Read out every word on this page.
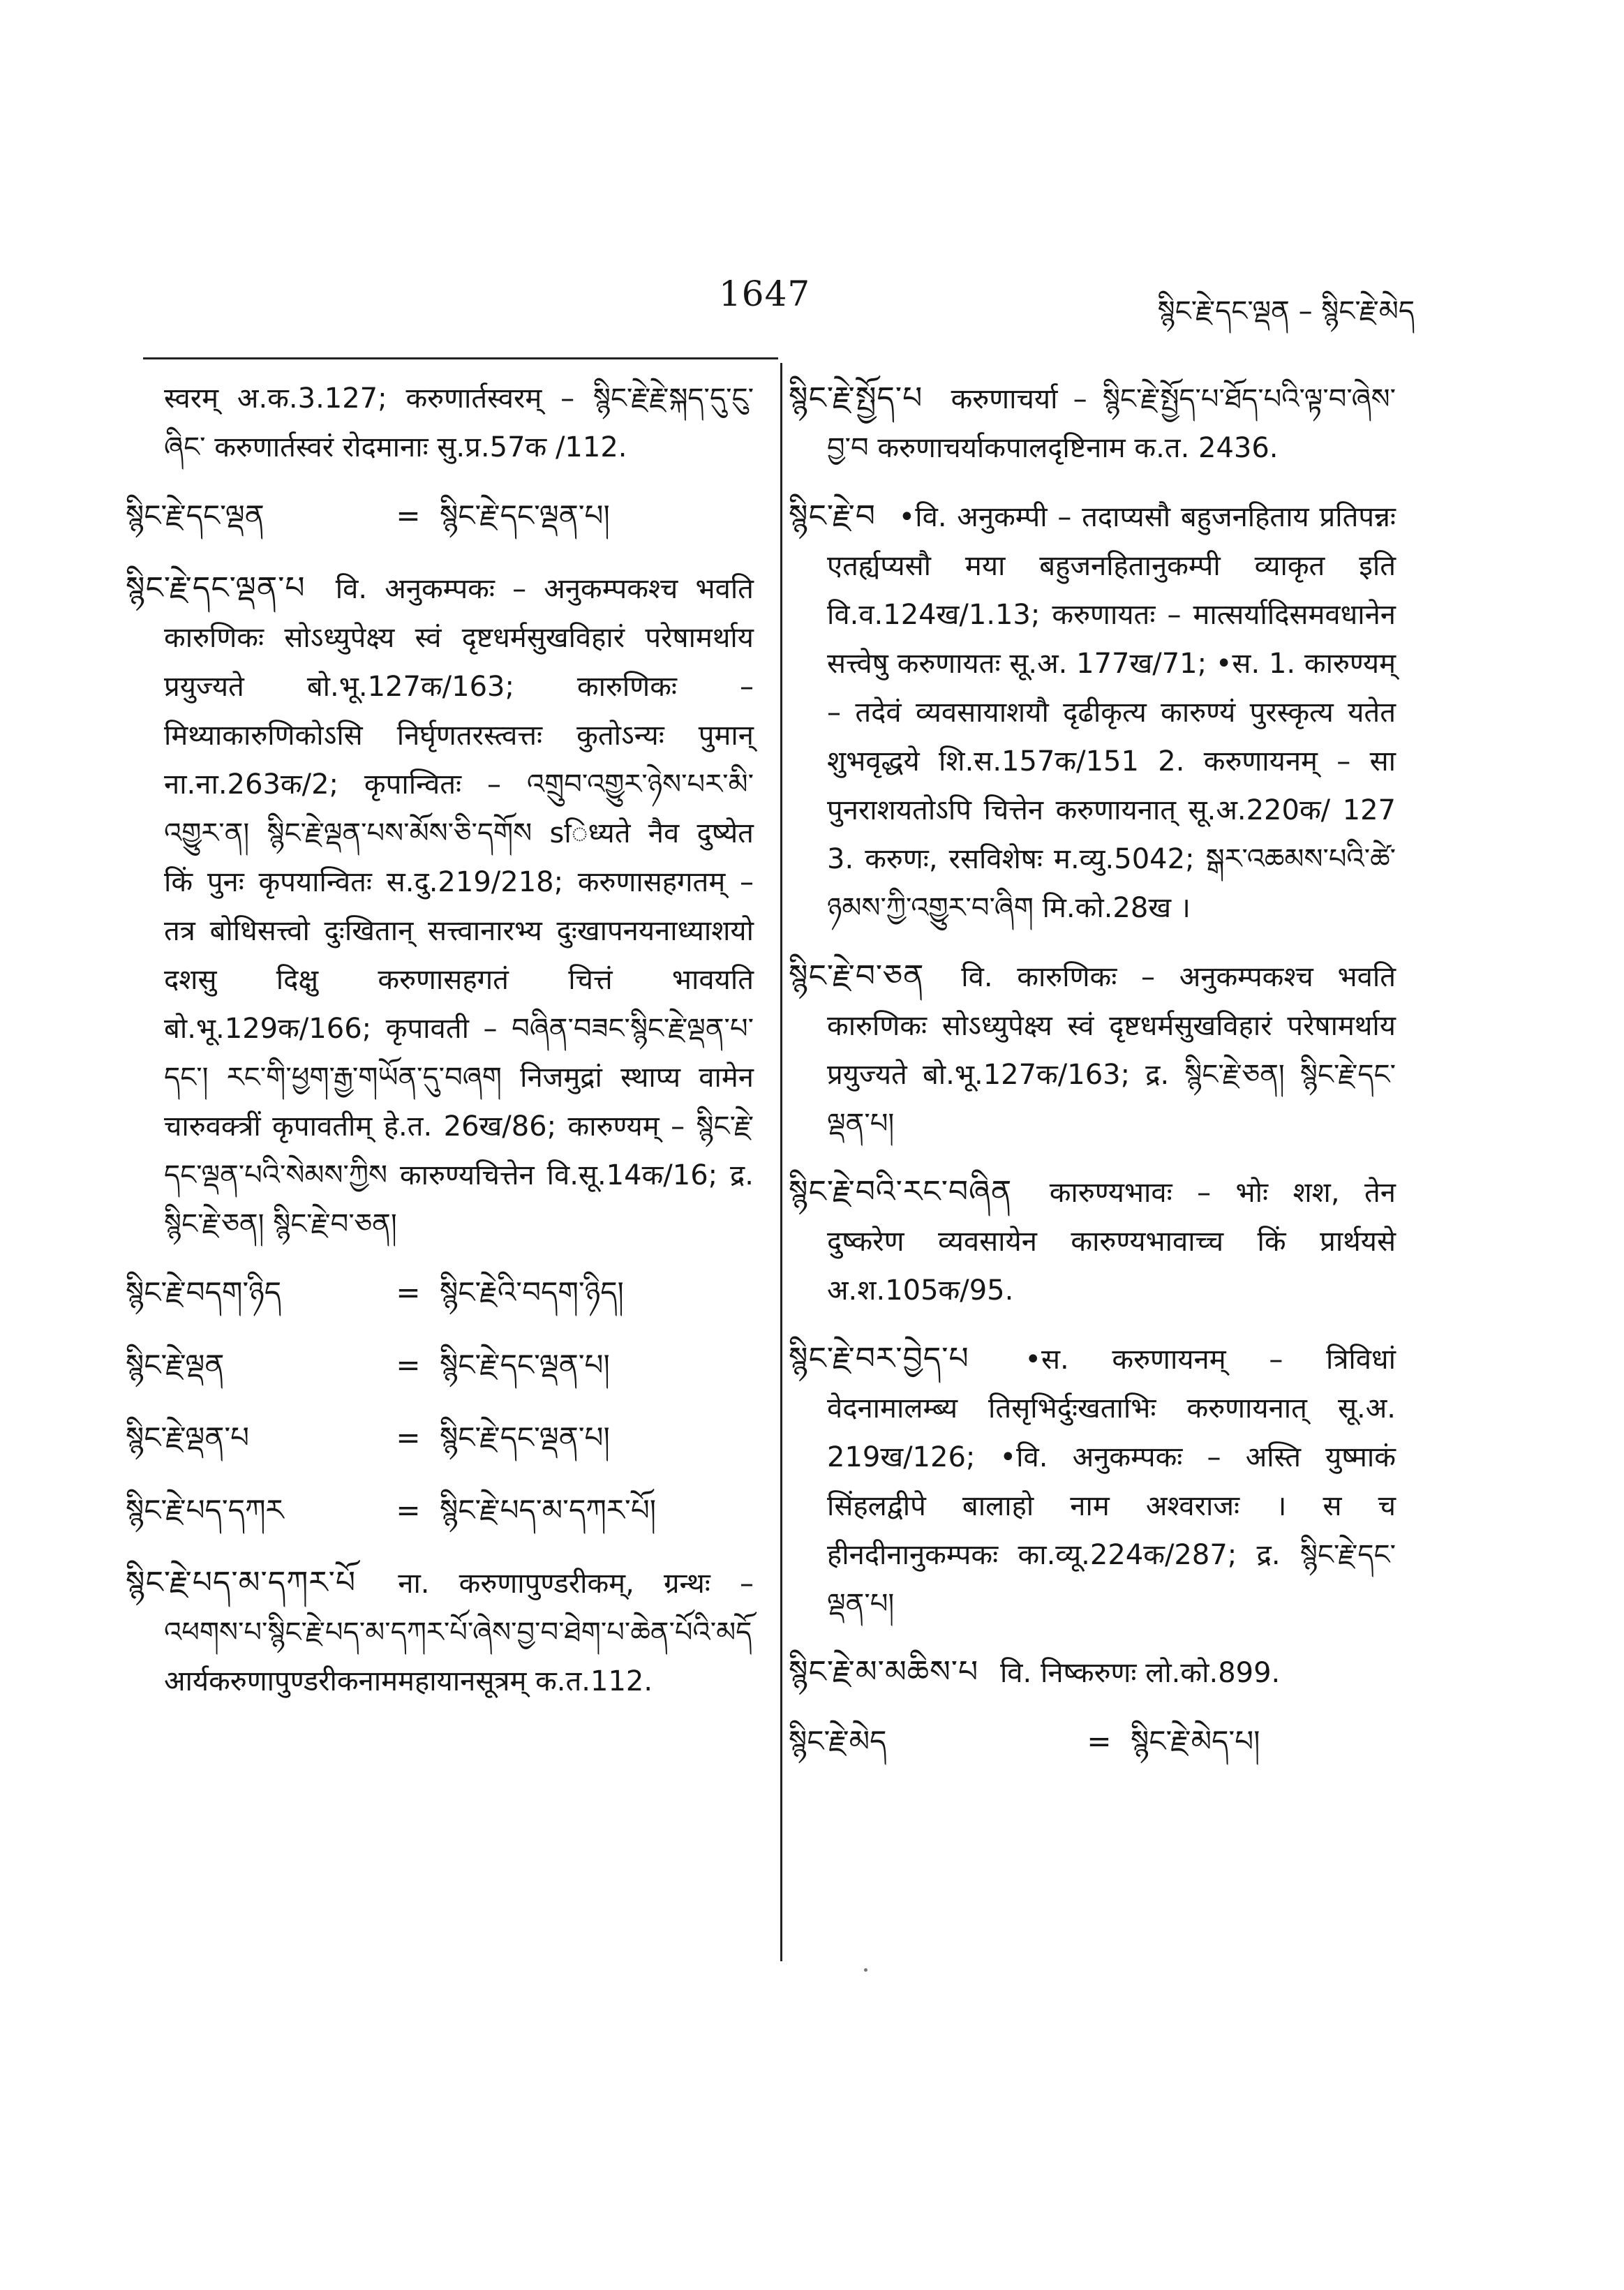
1647	སྙིང་རྗེ་དང་ལྡན – སྙིང་རྗེ་མེད

स्वरम् अ.क.3.127; करुणार्तस्वरम् – སྙིང་རྗེ་རྗེ་སྐད་དུ་ངུ་ཞིང་ करुणार्तस्वरं रोदमानाः सु.प्र.57क /112.

སྙིང་རྗེ་དང་ལྡན	= སྙིང་རྗེ་དང་ལྡན་པ།

སྙིང་རྗེ་དང་ལྡན་པ वि. अनुकम्पकः – अनुकम्पकश्च भवति कारुणिकः सोऽध्युपेक्ष्य स्वं दृष्टधर्मसुखविहारं परेषामर्थाय प्रयुज्यते बो.भू.127क/163; कारुणिकः – मिथ्याकारुणिकोऽसि निर्घृणतरस्त्वत्तः कुतोऽन्यः पुमान् ना.ना.263क/2; कृपान्वितः – འགྲུབ་འགྱུར་ཉེས་པར་མི་འགྱུར་ན། སྙིང་རྗེ་ལྡན་པས་མོས་ཅི་དགོས sिध्यते नैव दुष्येत किं पुनः कृपयान्वितः स.दु.219/218; करुणासहगतम् – तत्र बोधिसत्त्वो दुःखितान् सत्त्वानारभ्य दुःखापनयनाध्याशयो दशसु दिक्षु करुणासहगतं चित्तं भावयति बो.भू.129क/166; कृपावती – བཞིན་བཟང་སྙིང་རྗེ་ལྡན་པ་དང་། རང་གི་ཕྱག་རྒྱ་གཡོན་དུ་བཞག निजमुद्रां स्थाप्य वामेन चारुवक्त्रीं कृपावतीम् हे.त. 26ख/86; कारुण्यम् – སྙིང་རྗེ་དང་ལྡན་པའི་སེམས་ཀྱིས कारुण्यचित्तेन वि.सू.14क/16; द्र. སྙིང་རྗེ་ཅན། སྙིང་རྗེ་བ་ཅན།

སྙིང་རྗེ་བདག་ཉིད	= སྙིང་རྗེའི་བདག་ཉིད།
སྙིང་རྗེ་ལྡན	= སྙིང་རྗེ་དང་ལྡན་པ།
སྙིང་རྗེ་ལྡན་པ	= སྙིང་རྗེ་དང་ལྡན་པ།
སྙིང་རྗེ་པད་དཀར	= སྙིང་རྗེ་པད་མ་དཀར་པོ།

སྙིང་རྗེ་པད་མ་དཀར་པོ ना. करुणापुण्डरीकम्, ग्रन्थः – འཕགས་པ་སྙིང་རྗེ་པད་མ་དཀར་པོ་ཞེས་བྱ་བ་ཐེག་པ་ཆེན་པོའི་མདོ आर्यकरुणापुण्डरीकनाममहायानसूत्रम् क.त.112.

སྙིང་རྗེ་སྤྱོད་པ करुणाचर्या – སྙིང་རྗེ་སྤྱོད་པ་ཐོད་པའི་ལྟ་བ་ཞེས་བྱ་བ करुणाचर्याकपालदृष्टिनाम क.त. 2436.

སྙིང་རྗེ་བ •वि. अनुकम्पी – तदाप्यसौ बहुजनहिताय प्रतिपन्नः एतर्ह्यप्यसौ मया बहुजनहितानुकम्पी व्याकृत इति वि.व.124ख/1.13; करुणायतः – मात्सर्यादिसमवधानेन सत्त्वेषु करुणायतः सू.अ. 177ख/71; •स. 1. कारुण्यम् – तदेवं व्यवसायाशयौ दृढीकृत्य कारुण्यं पुरस्कृत्य यतेत शुभवृद्धये शि.स.157क/151 2. करुणायनम् – सा पुनराशयतोऽपि चित्तेन करुणायनात् सू.अ.220क/ 127 3. करुणः, रसविशेषः म.व्यु.5042; སྒར་འཆམས་པའི་ཚེ་ཉམས་ཀྱི་འགྱུར་བ་ཞིག मि.को.28ख ।

སྙིང་རྗེ་བ་ཅན वि. कारुणिकः – अनुकम्पकश्च भवति कारुणिकः सोऽध्युपेक्ष्य स्वं दृष्टधर्मसुखविहारं परेषामर्थाय प्रयुज्यते बो.भू.127क/163; द्र. སྙིང་རྗེ་ཅན། སྙིང་རྗེ་དང་ལྡན་པ།

སྙིང་རྗེ་བའི་རང་བཞིན कारुण्यभावः – भोः शश, तेन दुष्करेण व्यवसायेन कारुण्यभावाच्च किं प्रार्थयसे अ.श.105क/95.

སྙིང་རྗེ་བར་བྱེད་པ •स. करुणायनम् – त्रिविधां वेदनामालम्ब्य तिसृभिर्दुःखताभिः करुणायनात् सू.अ. 219ख/126; •वि. अनुकम्पकः – अस्ति युष्माकं सिंहलद्वीपे बालाहो नाम अश्वराजः । स च हीनदीनानुकम्पकः का.व्यू.224क/287; द्र. སྙིང་རྗེ་དང་ལྡན་པ།

སྙིང་རྗེ་མ་མཆིས་པ वि. निष्करुणः लो.को.899.

སྙིང་རྗེ་མེད	= སྙིང་རྗེ་མེད་པ།
